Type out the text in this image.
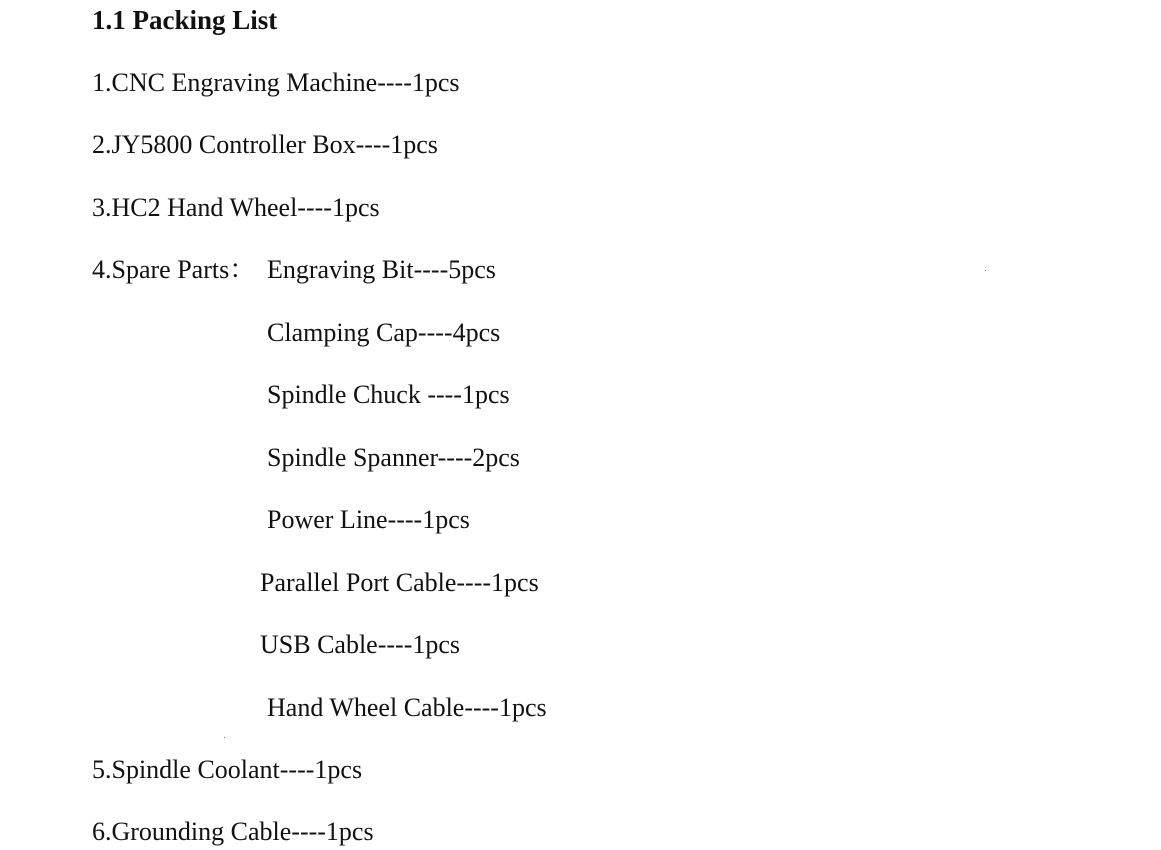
1.1 Packing List
1.CNC Engraving Machine----1pcs
2.JY5800 Controller Box----1pcs
3.HC2 Hand Wheel----1pcs
4.Spare Parts： Engraving Bit----5pcs
Clamping Cap----4pcs
Spindle Chuck ----1pcs
Spindle Spanner----2pcs
Power Line----1pcs
Parallel Port Cable----1pcs
USB Cable----1pcs
Hand Wheel Cable----1pcs
5.Spindle Coolant----1pcs
6.Grounding Cable----1pcs
